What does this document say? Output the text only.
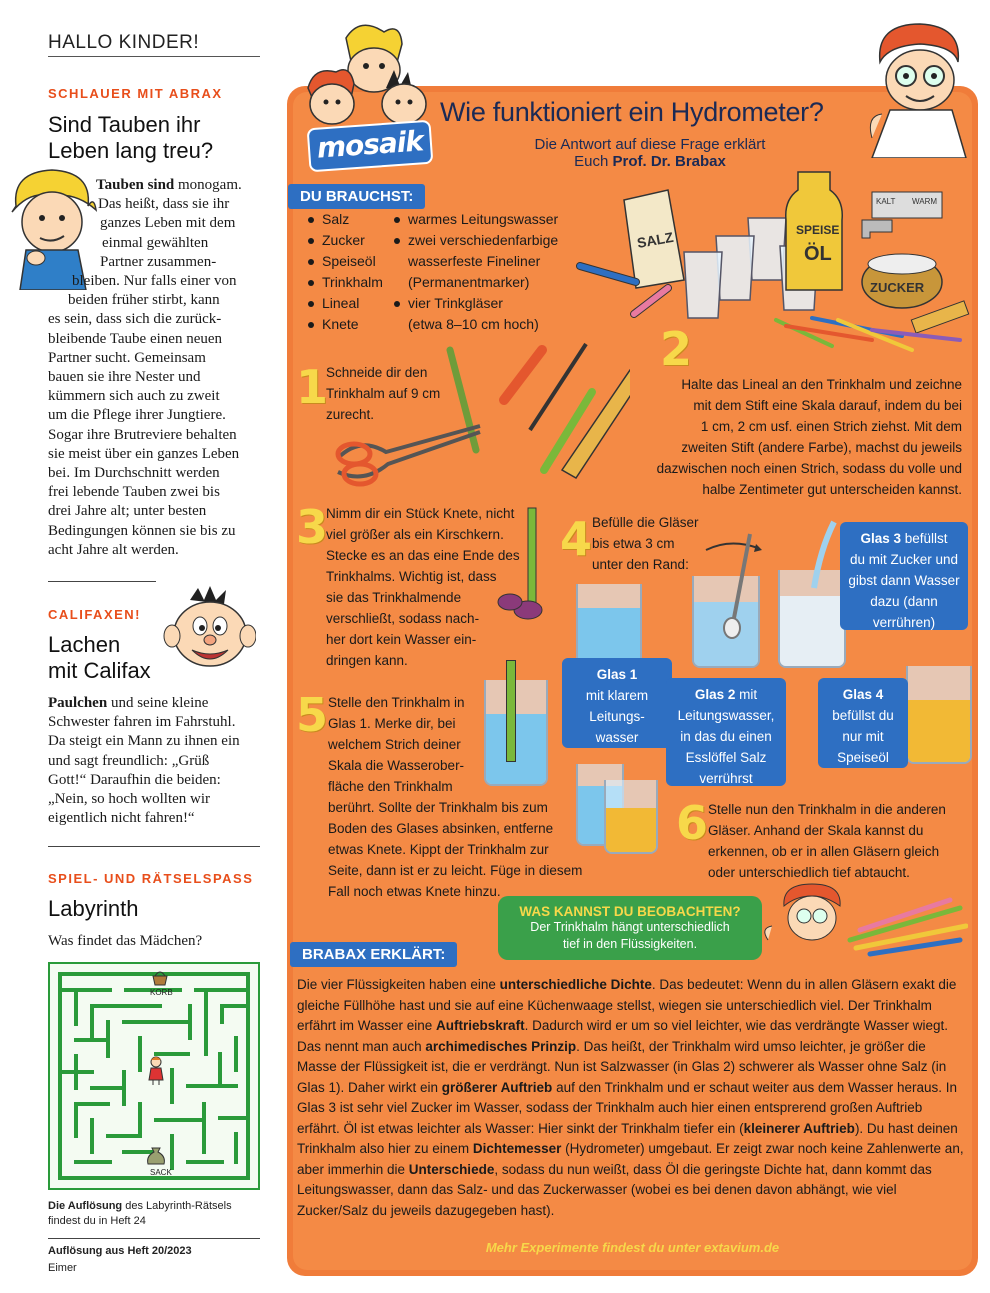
HALLO KINDER!
SCHLAUER MIT ABRAX
Sind Tauben ihr
Leben lang treu?
Tauben sind monogam.
Das heißt, dass sie ihr
ganzes Leben mit dem
einmal gewählten
Partner zusammen-
bleiben. Nur falls einer von
beiden früher stirbt, kann
es sein, dass sich die zurück-
bleibende Taube einen neuen
Partner sucht. Gemeinsam
bauen sie ihre Nester und
kümmern sich auch zu zweit
um die Pflege ihrer Jungtiere.
Sogar ihre Brutreviere behalten
sie meist über ein ganzes Leben
bei. Im Durchschnitt werden
frei lebende Tauben zwei bis
drei Jahre alt; unter besten
Bedingungen können sie bis zu
acht Jahre alt werden.
CALIFAXEN!
Lachen
mit Califax
Paulchen und seine kleine
Schwester fahren im Fahrstuhl.
Da steigt ein Mann zu ihnen ein
und sagt freundlich: „Grüß
Gott!“ Daraufhin die beiden:
„Nein, so hoch wollten wir
eigentlich nicht fahren!“
SPIEL- UND RÄTSELSPASS
Labyrinth
Was findet das Mädchen?
KORB
SACK
Die Auflösung des Labyrinth-Rätsels
findest du in Heft 24
Auflösung aus Heft 20/2023
Eimer
mosaik
Wie funktioniert ein Hydrometer?
Die Antwort auf diese Frage erklärt
Euch Prof. Dr. Brabax
DU BRAUCHST:
Salz
Zucker
Speiseöl
Trinkhalm
Lineal
Knete
warmes Leitungswasser
zwei verschiedenfarbige
wasserfeste Fineliner
(Permanentmarker)
vier Trinkgläser
(etwa 8–10 cm hoch)
SALZ	SPEISE
ÖL
KALT WARM
ZUCKER
1
Schneide dir den
Trinkhalm auf 9 cm
zurecht.
2
Halte das Lineal an den Trinkhalm und zeichne
mit dem Stift eine Skala darauf, indem du bei
1 cm, 2 cm usf. einen Strich ziehst. Mit dem
zweiten Stift (andere Farbe), machst du jeweils
dazwischen noch einen Strich, sodass du volle und
halbe Zentimeter gut unterscheiden kannst.
3
Nimm dir ein Stück Knete, nicht
viel größer als ein Kirschkern.
Stecke es an das eine Ende des
Trinkhalms. Wichtig ist, dass
sie das Trinkhalmende
verschließt, sodass nach-
her dort kein Wasser ein-
dringen kann.
4 Befülle die Gläser
bis etwa 3 cm
unter den Rand:
Glas 1
mit klarem
Leitungs-
wasser
Glas 2 mit
Leitungswasser,
in das du einen
Esslöffel Salz
verrührst
Glas 3 befüllst
du mit Zucker und
gibst dann Wasser
dazu (dann
verrühren)
Glas 4
befüllst du
nur mit
Speiseöl
5 Stelle den Trinkhalm in
Glas 1. Merke dir, bei
welchem Strich deiner
Skala die Wasserober-
fläche den Trinkhalm
berührt. Sollte der Trinkhalm bis zum
Boden des Glases absinken, entferne
etwas Knete. Kippt der Trinkhalm zur
Seite, dann ist er zu leicht. Füge in diesem
Fall noch etwas Knete hinzu.
6 Stelle nun den Trinkhalm in die anderen
Gläser. Anhand der Skala kannst du
erkennen, ob er in allen Gläsern gleich
oder unterschiedlich tief abtaucht.
WAS KANNST DU BEOBACHTEN?
Der Trinkhalm hängt unterschiedlich
tief in den Flüssigkeiten.
BRABAX ERKLÄRT:
Die vier Flüssigkeiten haben eine unterschiedliche Dichte. Das bedeutet: Wenn du in allen Gläsern exakt die gleiche Füllhöhe hast und sie auf eine Küchenwaage stellst, wiegen sie unterschiedlich viel. Der Trinkhalm erfährt im Wasser eine Auftriebskraft. Dadurch wird er um so viel leichter, wie das verdrängte Wasser wiegt. Das nennt man auch archimedisches Prinzip. Das heißt, der Trinkhalm wird umso leichter, je größer die Masse der Flüssigkeit ist, die er verdrängt. Nun ist Salzwasser (in Glas 2) schwerer als Wasser ohne Salz (in Glas 1). Daher wirkt ein größerer Auftrieb auf den Trinkhalm und er schaut weiter aus dem Wasser heraus. In Glas 3 ist sehr viel Zucker im Wasser, sodass der Trinkhalm auch hier einen entsprerend großen Auftrieb erfährt. Öl ist etwas leichter als Wasser: Hier sinkt der Trinkhalm tiefer ein (kleinerer Auftrieb). Du hast deinen Trinkhalm also hier zu einem Dichtemesser (Hydrometer) umgebaut. Er zeigt zwar noch keine Zahlenwerte an, aber immerhin die Unterschiede, sodass du nun weißt, dass Öl die geringste Dichte hat, dann kommt das Leitungswasser, dann das Salz- und das Zuckerwasser (wobei es bei denen davon abhängt, wie viel Zucker/Salz du jeweils dazugegeben hast).
Mehr Experimente findest du unter extavium.de
